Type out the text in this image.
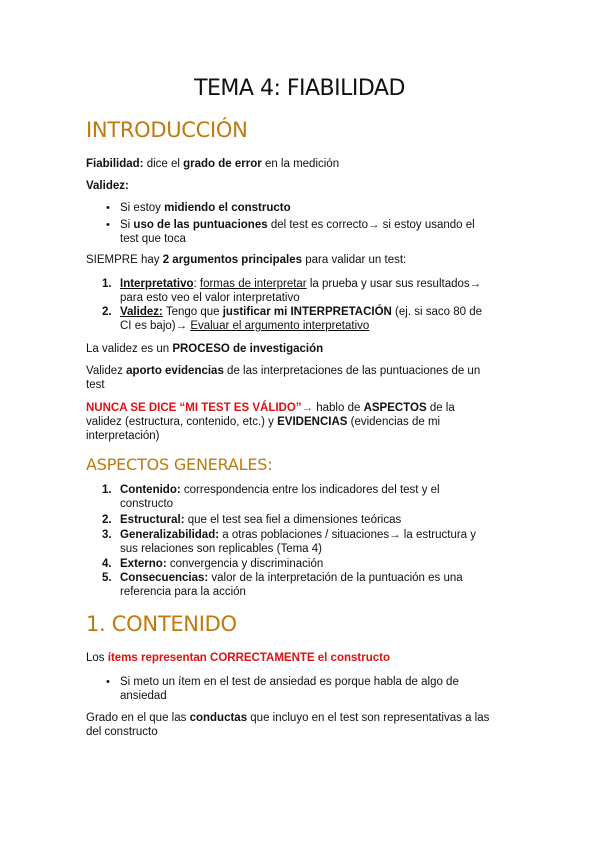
TEMA 4: FIABILIDAD
INTRODUCCIÓN
Fiabilidad: dice el grado de error en la medición
Validez:
• Si estoy midiendo el constructo
• Si uso de las puntuaciones del test es correcto→ si estoy usando el
test que toca
SIEMPRE hay 2 argumentos principales para validar un test:
1. Interpretativo: formas de interpretar la prueba y usar sus resultados→
para esto veo el valor interpretativo
2. Validez: Tengo que justificar mi INTERPRETACIÓN (ej. si saco 80 de
CI es bajo)→ Evaluar el argumento interpretativo
La validez es un PROCESO de investigación
Validez aporto evidencias de las interpretaciones de las puntuaciones de un
test
NUNCA SE DICE “MI TEST ES VÁLIDO”→ hablo de ASPECTOS de la
validez (estructura, contenido, etc.) y EVIDENCIAS (evidencias de mi
interpretación)
ASPECTOS GENERALES:
1. Contenido: correspondencia entre los indicadores del test y el
constructo
2. Estructural: que el test sea fiel a dimensiones teóricas
3. Generalizabilidad: a otras poblaciones / situaciones→ la estructura y
sus relaciones son replicables (Tema 4)
4. Externo: convergencia y discriminación
5. Consecuencias: valor de la interpretación de la puntuación es una
referencia para la acción
1. CONTENIDO
Los ítems representan CORRECTAMENTE el constructo
• Si meto un ítem en el test de ansiedad es porque habla de algo de
ansiedad
Grado en el que las conductas que incluyo en el test son representativas a las
del constructo
